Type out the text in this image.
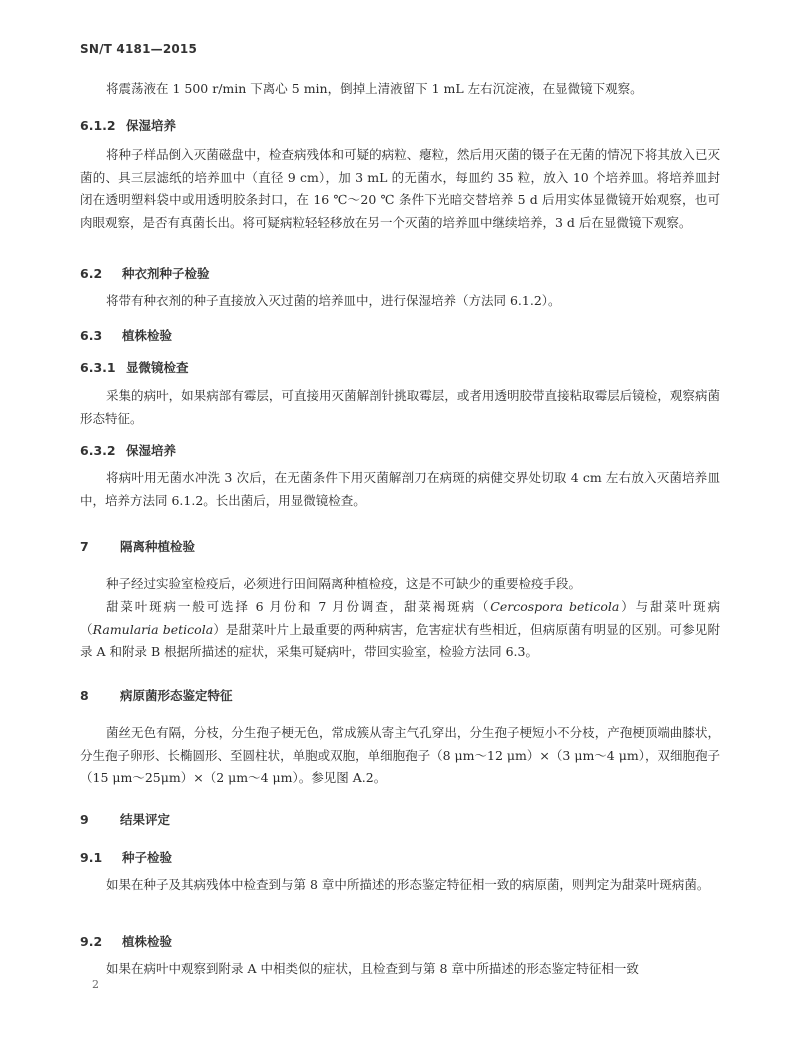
SN/T 4181—2015
将震荡液在 1 500 r/min 下离心 5 min，倒掉上清液留下 1 mL 左右沉淀液，在显微镜下观察。
6.1.2 保湿培养
将种子样品倒入灭菌磁盘中，检查病残体和可疑的病粒、瘪粒，然后用灭菌的镊子在无菌的情况下将其放入已灭菌的、具三层滤纸的培养皿中（直径 9 cm），加 3 mL 的无菌水，每皿约 35 粒，放入 10 个培养皿。将培养皿封闭在透明塑料袋中或用透明胶条封口，在 16 ℃～20 ℃ 条件下光暗交替培养 5 d 后用实体显微镜开始观察，也可肉眼观察，是否有真菌长出。将可疑病粒轻轻移放在另一个灭菌的培养皿中继续培养，3 d 后在显微镜下观察。
6.2 种衣剂种子检验
将带有种衣剂的种子直接放入灭过菌的培养皿中，进行保湿培养（方法同 6.1.2）。
6.3 植株检验
6.3.1 显微镜检查
采集的病叶，如果病部有霉层，可直接用灭菌解剖针挑取霉层，或者用透明胶带直接粘取霉层后镜检，观察病菌形态特征。
6.3.2 保湿培养
将病叶用无菌水冲洗 3 次后，在无菌条件下用灭菌解剖刀在病斑的病健交界处切取 4 cm 左右放入灭菌培养皿中，培养方法同 6.1.2。长出菌后，用显微镜检查。
7	隔离种植检验
种子经过实验室检疫后，必须进行田间隔离种植检疫，这是不可缺少的重要检疫手段。
甜菜叶斑病一般可选择 6 月份和 7 月份调查，甜菜褐斑病（Cercospora beticola）与甜菜叶斑病（Ramularia beticola）是甜菜叶片上最重要的两种病害，危害症状有些相近，但病原菌有明显的区别。可参见附录 A 和附录 B 根据所描述的症状，采集可疑病叶，带回实验室，检验方法同 6.3。
8	病原菌形态鉴定特征
菌丝无色有隔，分枝，分生孢子梗无色，常成簇从寄主气孔穿出，分生孢子梗短小不分枝，产孢梗顶端曲膝状，分生孢子卵形、长椭圆形、至圆柱状，单胞或双胞，单细胞孢子（8 μm～12 μm）×（3 μm～4 μm），双细胞孢子（15 μm～25μm）×（2 μm～4 μm）。参见图 A.2。
9	结果评定
9.1 种子检验
如果在种子及其病残体中检查到与第 8 章中所描述的形态鉴定特征相一致的病原菌，则判定为甜菜叶斑病菌。
9.2 植株检验
如果在病叶中观察到附录 A 中相类似的症状，且检查到与第 8 章中所描述的形态鉴定特征相一致
2
